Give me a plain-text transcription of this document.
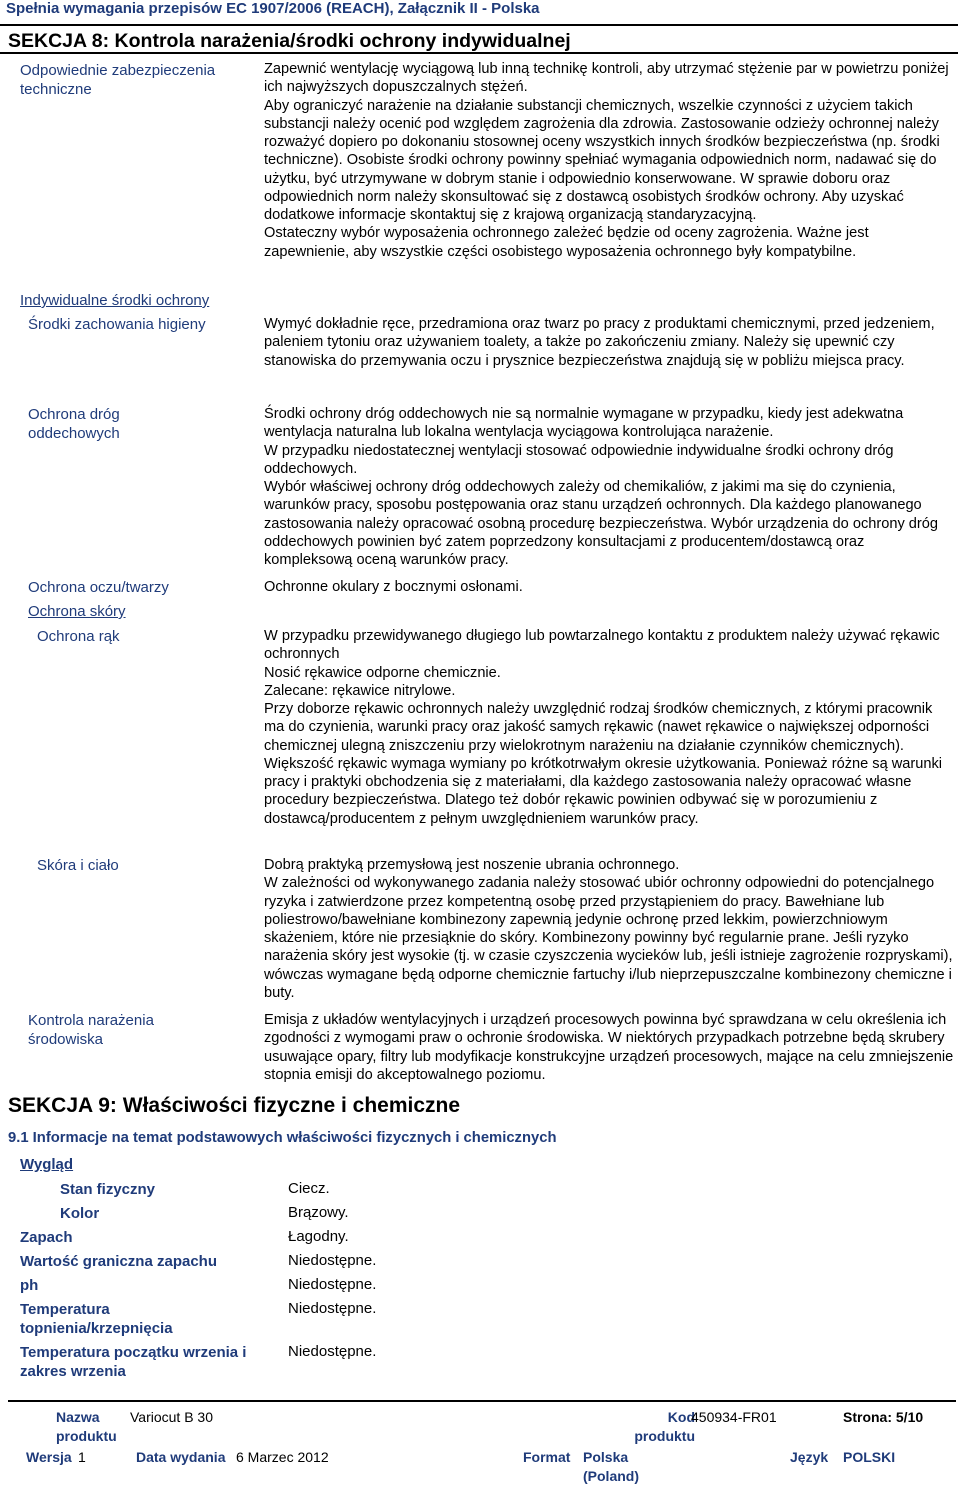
Spełnia wymagania przepisów EC 1907/2006 (REACH), Załącznik II - Polska
SEKCJA 8: Kontrola narażenia/środki ochrony indywidualnej
Odpowiednie zabezpieczenia techniczne
Zapewnić wentylację wyciągową lub inną technikę kontroli, aby utrzymać stężenie par w powietrzu poniżej ich najwyższych dopuszczalnych stężeń.
Aby ograniczyć narażenie na działanie substancji chemicznych, wszelkie czynności z użyciem takich substancji należy ocenić pod względem zagrożenia dla zdrowia. Zastosowanie odzieży ochronnej należy rozważyć dopiero po dokonaniu stosownej oceny wszystkich innych środków bezpieczeństwa (np. środki techniczne). Osobiste środki ochrony powinny spełniać wymagania odpowiednich norm, nadawać się do użytku, być utrzymywane w dobrym stanie i odpowiednio konserwowane. W sprawie doboru oraz odpowiednich norm należy skonsultować się z dostawcą osobistych środków ochrony. Aby uzyskać dodatkowe informacje skontaktuj się z krajową organizacją standaryzacyjną.
Ostateczny wybór wyposażenia ochronnego zależeć będzie od oceny zagrożenia. Ważne jest zapewnienie, aby wszystkie części osobistego wyposażenia ochronnego były kompatybilne.
Indywidualne środki ochrony
Środki zachowania higieny	Wymyć dokładnie ręce, przedramiona oraz twarz po pracy z produktami chemicznymi, przed jedzeniem, paleniem tytoniu oraz używaniem toalety, a także po zakończeniu zmiany. Należy się upewnić czy stanowiska do przemywania oczu i prysznice bezpieczeństwa znajdują się w pobliżu miejsca pracy.
Ochrona dróg oddechowych
Środki ochrony dróg oddechowych nie są normalnie wymagane w przypadku, kiedy jest adekwatna wentylacja naturalna lub lokalna wentylacja wyciągowa kontrolująca narażenie.
W przypadku niedostatecznej wentylacji stosować odpowiednie indywidualne środki ochrony dróg oddechowych.
Wybór właściwej ochrony dróg oddechowych zależy od chemikaliów, z jakimi ma się do czynienia, warunków pracy, sposobu postępowania oraz stanu urządzeń ochronnych. Dla każdego planowanego zastosowania należy opracować osobną procedurę bezpieczeństwa. Wybór urządzenia do ochrony dróg oddechowych powinien być zatem poprzedzony konsultacjami z producentem/dostawcą oraz kompleksową oceną warunków pracy.
Ochrona oczu/twarzy	Ochronne okulary z bocznymi osłonami.
Ochrona skóry
Ochrona rąk	W przypadku przewidywanego długiego lub powtarzalnego kontaktu z produktem należy używać rękawic ochronnych
Nosić rękawice odporne chemicznie.
Zalecane: rękawice nitrylowe.
Przy doborze rękawic ochronnych należy uwzględnić rodzaj środków chemicznych, z którymi pracownik ma do czynienia, warunki pracy oraz jakość samych rękawic (nawet rękawice o największej odporności chemicznej ulegną zniszczeniu przy wielokrotnym narażeniu na działanie czynników chemicznych). Większość rękawic wymaga wymiany po krótkotrwałym okresie użytkowania. Ponieważ różne są warunki pracy i praktyki obchodzenia się z materiałami, dla każdego zastosowania należy opracować własne procedury bezpieczeństwa. Dlatego też dobór rękawic powinien odbywać się w porozumieniu z dostawcą/producentem z pełnym uwzględnieniem warunków pracy.
Skóra i ciało	Dobrą praktyką przemysłową jest noszenie ubrania ochronnego.
W zależności od wykonywanego zadania należy stosować ubiór ochronny odpowiedni do potencjalnego ryzyka i zatwierdzone przez kompetentną osobę przed przystąpieniem do pracy. Bawełniane lub poliestrowo/bawełniane kombinezony zapewnią jedynie ochronę przed lekkim, powierzchniowym skażeniem, które nie przesiąknie do skóry. Kombinezony powinny być regularnie prane. Jeśli ryzyko narażenia skóry jest wysokie (tj. w czasie czyszczenia wycieków lub, jeśli istnieje zagrożenie rozpryskami), wówczas wymagane będą odporne chemicznie fartuchy i/lub nieprzepuszczalne kombinezony chemiczne i buty.
Kontrola narażenia środowiska
Emisja z układów wentylacyjnych i urządzeń procesowych powinna być sprawdzana w celu określenia ich zgodności z wymogami praw o ochronie środowiska. W niektórych przypadkach potrzebne będą skrubery usuwające opary, filtry lub modyfikacje konstrukcyjne urządzeń procesowych, mające na celu zmniejszenie stopnia emisji do akceptowalnego poziomu.
SEKCJA 9: Właściwości fizyczne i chemiczne
9.1 Informacje na temat podstawowych właściwości fizycznych i chemicznych
Wygląd
Stan fizyczny	Ciecz.
Kolor	Brązowy.
Zapach	Łagodny.
Wartość graniczna zapachu	Niedostępne.
ph	Niedostępne.
Temperatura topnienia/krzepnięcia
Niedostępne.
Temperatura początku wrzenia i zakres wrzenia
Niedostępne.
Nazwa produktu
Variocut B 30	Kod produktu
450934-FR01	Strona: 5/10
Wersja 1	Data wydania 6 Marzec 2012	Format Polska (Poland)
Język POLSKI
